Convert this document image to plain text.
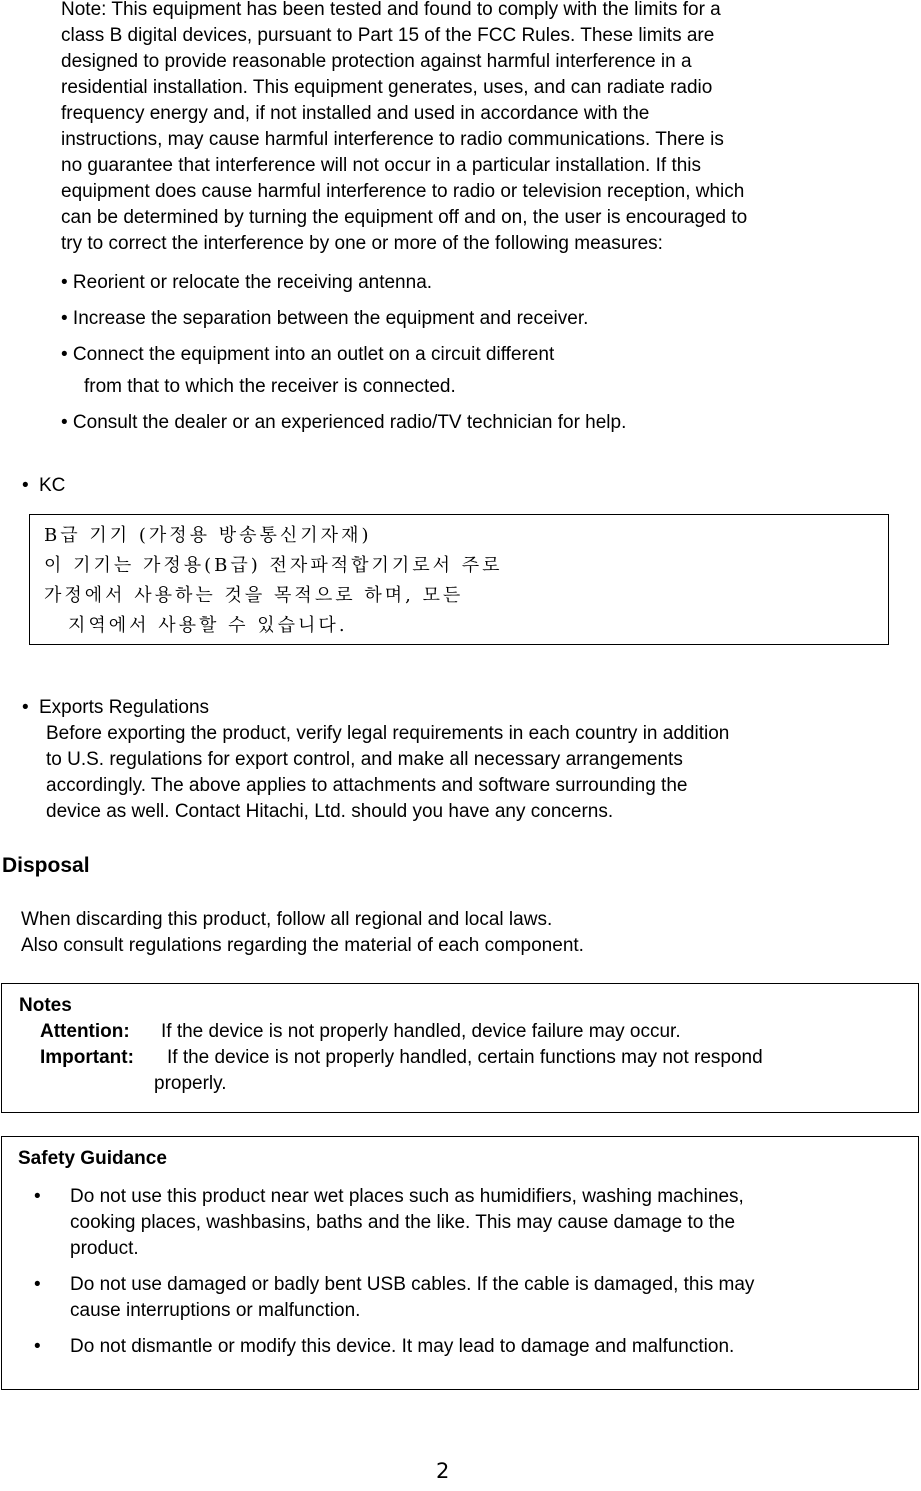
Note: This equipment has been tested and found to comply with the limits for a
class B digital devices, pursuant to Part 15 of the FCC Rules. These limits are
designed to provide reasonable protection against harmful interference in a
residential installation. This equipment generates, uses, and can radiate radio
frequency energy and, if not installed and used in accordance with the
instructions, may cause harmful interference to radio communications. There is
no guarantee that interference will not occur in a particular installation. If this
equipment does cause harmful interference to radio or television reception, which
can be determined by turning the equipment off and on, the user is encouraged to
try to correct the interference by one or more of the following measures:
• Reorient or relocate the receiving antenna.
• Increase the separation between the equipment and receiver.
• Connect the equipment into an outlet on a circuit different
from that to which the receiver is connected.
• Consult the dealer or an experienced radio/TV technician for help.
• KC
B급 기기 (가정용 방송통신기자재)
이 기기는 가정용(B급) 전자파적합기기로서 주로
가정에서 사용하는 것을 목적으로 하며, 모든
지역에서 사용할 수 있습니다.
• Exports Regulations
Before exporting the product, verify legal requirements in each country in addition
to U.S. regulations for export control, and make all necessary arrangements
accordingly. The above applies to attachments and software surrounding the
device as well. Contact Hitachi, Ltd. should you have any concerns.
Disposal
When discarding this product, follow all regional and local laws.
Also consult regulations regarding the material of each component.
Notes
Attention: If the device is not properly handled, device failure may occur.
Important: If the device is not properly handled, certain functions may not respond
properly.
Safety Guidance
• Do not use this product near wet places such as humidifiers, washing machines,
cooking places, washbasins, baths and the like. This may cause damage to the
product.
• Do not use damaged or badly bent USB cables. If the cable is damaged, this may
cause interruptions or malfunction.
• Do not dismantle or modify this device. It may lead to damage and malfunction.
2
